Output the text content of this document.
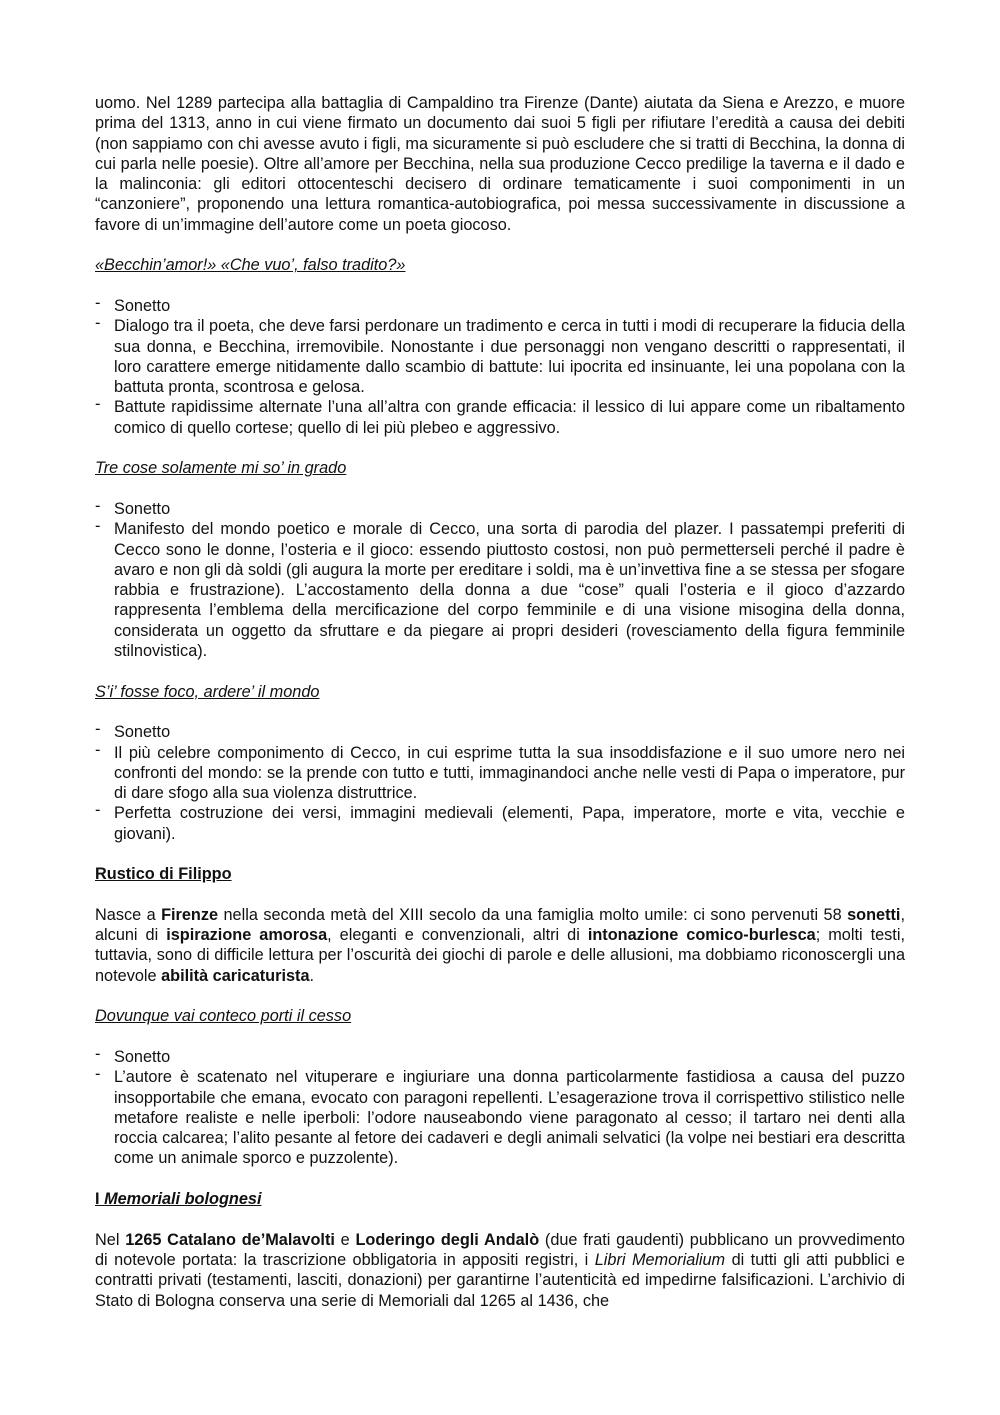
uomo. Nel 1289 partecipa alla battaglia di Campaldino tra Firenze (Dante) aiutata da Siena e Arezzo, e muore prima del 1313, anno in cui viene firmato un documento dai suoi 5 figli per rifiutare l’eredità a causa dei debiti (non sappiamo con chi avesse avuto i figli, ma sicuramente si può escludere che si tratti di Becchina, la donna di cui parla nelle poesie). Oltre all’amore per Becchina, nella sua produzione Cecco predilige la taverna e il dado e la malinconia: gli editori ottocenteschi decisero di ordinare tematicamente i suoi componimenti in un “canzoniere”, proponendo una lettura romantica-autobiografica, poi messa successivamente in discussione a favore di un’immagine dell’autore come un poeta giocoso.

«Becchin’amor!» «Che vuo’, falso tradito?»

- Sonetto
- Dialogo tra il poeta, che deve farsi perdonare un tradimento e cerca in tutti i modi di recuperare la fiducia della sua donna, e Becchina, irremovibile. Nonostante i due personaggi non vengano descritti o rappresentati, il loro carattere emerge nitidamente dallo scambio di battute: lui ipocrita ed insinuante, lei una popolana con la battuta pronta, scontrosa e gelosa.
- Battute rapidissime alternate l’una all’altra con grande efficacia: il lessico di lui appare come un ribaltamento comico di quello cortese; quello di lei più plebeo e aggressivo.

Tre cose solamente mi so’ in grado

- Sonetto
- Manifesto del mondo poetico e morale di Cecco, una sorta di parodia del plazer. I passatempi preferiti di Cecco sono le donne, l’osteria e il gioco: essendo piuttosto costosi, non può permetterseli perché il padre è avaro e non gli dà soldi (gli augura la morte per ereditare i soldi, ma è un’invettiva fine a se stessa per sfogare rabbia e frustrazione). L’accostamento della donna a due “cose” quali l’osteria e il gioco d’azzardo rappresenta l’emblema della mercificazione del corpo femminile e di una visione misogina della donna, considerata un oggetto da sfruttare e da piegare ai propri desideri (rovesciamento della figura femminile stilnovistica).

S’i’ fosse foco, ardere’ il mondo

- Sonetto
- Il più celebre componimento di Cecco, in cui esprime tutta la sua insoddisfazione e il suo umore nero nei confronti del mondo: se la prende con tutto e tutti, immaginandoci anche nelle vesti di Papa o imperatore, pur di dare sfogo alla sua violenza distruttrice.
- Perfetta costruzione dei versi, immagini medievali (elementi, Papa, imperatore, morte e vita, vecchie e giovani).

Rustico di Filippo

Nasce a Firenze nella seconda metà del XIII secolo da una famiglia molto umile: ci sono pervenuti 58 sonetti, alcuni di ispirazione amorosa, eleganti e convenzionali, altri di intonazione comico-burlesca; molti testi, tuttavia, sono di difficile lettura per l’oscurità dei giochi di parole e delle allusioni, ma dobbiamo riconoscergli una notevole abilità caricaturista.

Dovunque vai conteco porti il cesso

- Sonetto
- L’autore è scatenato nel vituperare e ingiuriare una donna particolarmente fastidiosa a causa del puzzo insopportabile che emana, evocato con paragoni repellenti. L’esagerazione trova il corrispettivo stilistico nelle metafore realiste e nelle iperboli: l’odore nauseabondo viene paragonato al cesso; il tartaro nei denti alla roccia calcarea; l’alito pesante al fetore dei cadaveri e degli animali selvatici (la volpe nei bestiari era descritta come un animale sporco e puzzolente).

I Memoriali bolognesi

Nel 1265 Catalano de’Malavolti e Loderingo degli Andalò (due frati gaudenti) pubblicano un provvedimento di notevole portata: la trascrizione obbligatoria in appositi registri, i Libri Memorialium di tutti gli atti pubblici e contratti privati (testamenti, lasciti, donazioni) per garantirne l’autenticità ed impedirne falsificazioni. L’archivio di Stato di Bologna conserva una serie di Memoriali dal 1265 al 1436, che
